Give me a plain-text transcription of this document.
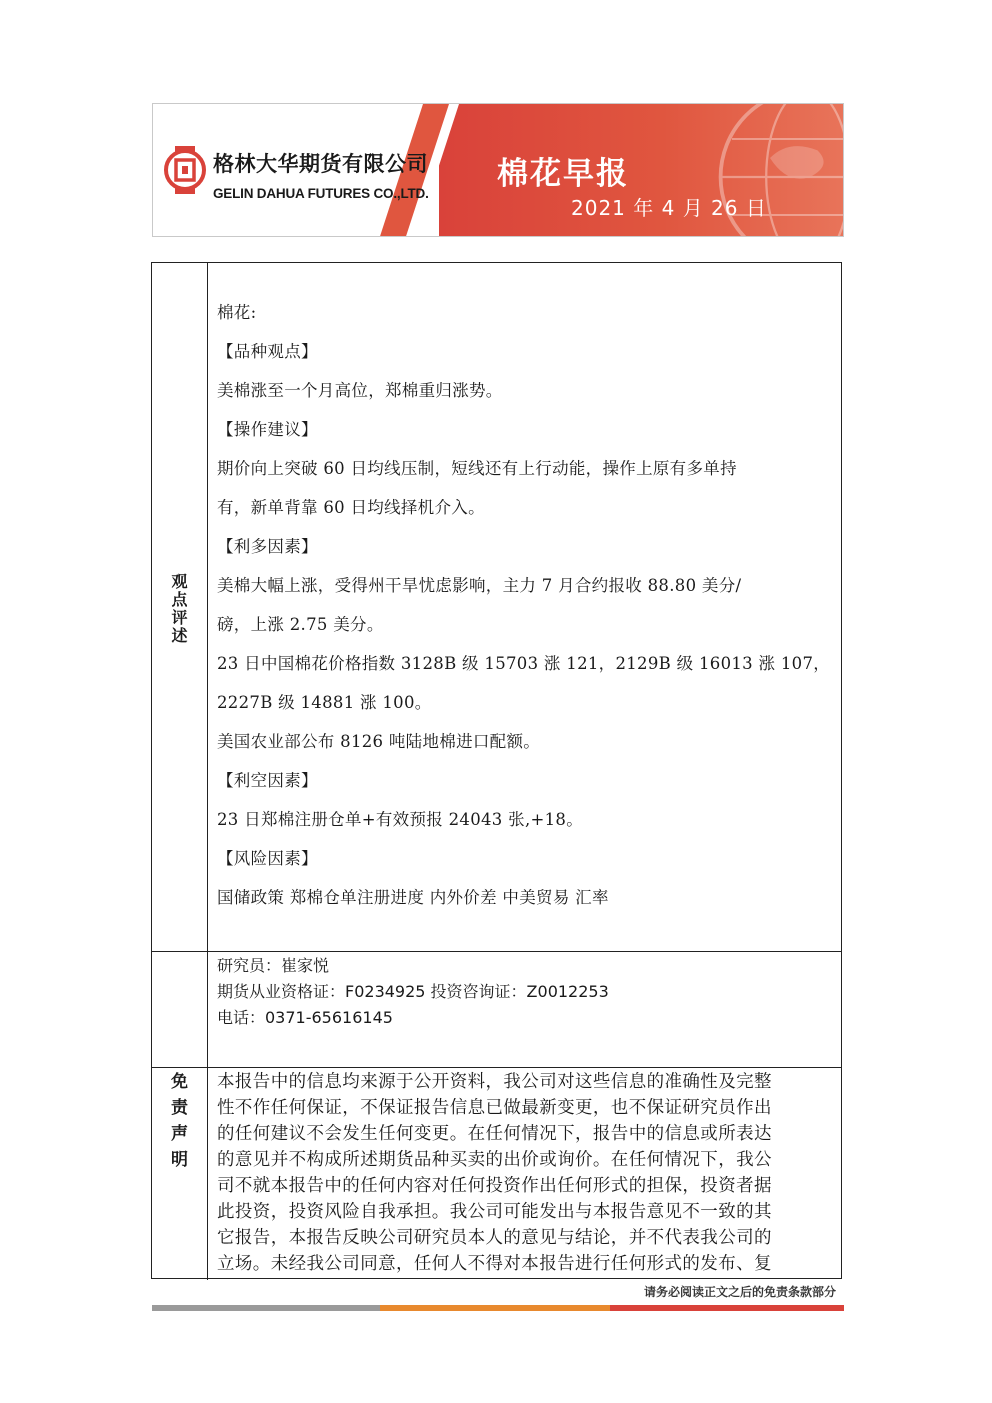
格林大华期货有限公司
GELIN DAHUA FUTURES CO.,LTD.
棉花早报
2021 年 4 月 26 日
观
点
评
述
免
责
声
明
棉花:
【品种观点】
美棉涨至一个月高位，郑棉重归涨势。
【操作建议】
期价向上突破 60 日均线压制，短线还有上行动能，操作上原有多单持
有，新单背靠 60 日均线择机介入。
【利多因素】
美棉大幅上涨，受得州干旱忧虑影响，主力 7 月合约报收 88.80 美分/
磅，上涨 2.75 美分。
23 日中国棉花价格指数 3128B 级 15703 涨 121，2129B 级 16013 涨 107，
2227B 级 14881 涨 100。
美国农业部公布 8126 吨陆地棉进口配额。
【利空因素】
23 日郑棉注册仓单+有效预报 24043 张,+18。
【风险因素】
国储政策 郑棉仓单注册进度 内外价差 中美贸易 汇率
研究员：崔家悦
期货从业资格证：F0234925 投资咨询证：Z0012253
电话：0371-65616145
本报告中的信息均来源于公开资料，我公司对这些信息的准确性及完整
性不作任何保证，不保证报告信息已做最新变更，也不保证研究员作出
的任何建议不会发生任何变更。在任何情况下，报告中的信息或所表达
的意见并不构成所述期货品种买卖的出价或询价。在任何情况下，我公
司不就本报告中的任何内容对任何投资作出任何形式的担保，投资者据
此投资，投资风险自我承担。我公司可能发出与本报告意见不一致的其
它报告，本报告反映公司研究员本人的意见与结论，并不代表我公司的
立场。未经我公司同意，任何人不得对本报告进行任何形式的发布、复
请务必阅读正文之后的免责条款部分
